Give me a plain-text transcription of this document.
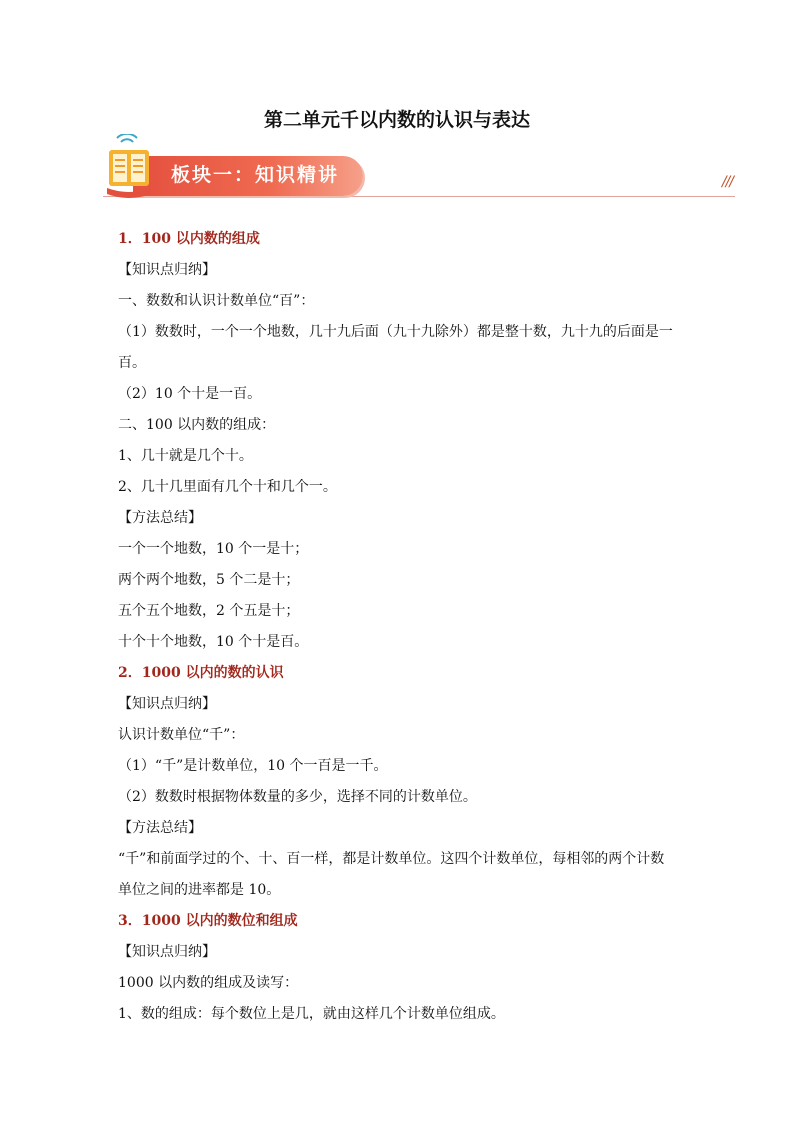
第二单元千以内数的认识与表达
板块一：知识精讲	///

1．100 以内数的组成

【知识点归纳】

一、数数和认识计数单位“百”：

（1）数数时，一个一个地数，几十九后面（九十九除外）都是整十数，九十九的后面是一

百。

（2）10 个十是一百。

二、100 以内数的组成：

1、几十就是几个十。

2、几十几里面有几个十和几个一。

【方法总结】

一个一个地数，10 个一是十；

两个两个地数，5 个二是十；

五个五个地数，2 个五是十；

十个十个地数，10 个十是百。

2．1000 以内的数的认识

【知识点归纳】

认识计数单位“千”：

（1）“千”是计数单位，10 个一百是一千。

（2）数数时根据物体数量的多少，选择不同的计数单位。

【方法总结】

“千”和前面学过的个、十、百一样，都是计数单位。这四个计数单位，每相邻的两个计数

单位之间的进率都是 10。

3．1000 以内的数位和组成

【知识点归纳】

1000 以内数的组成及读写：

1、数的组成：每个数位上是几，就由这样几个计数单位组成。
